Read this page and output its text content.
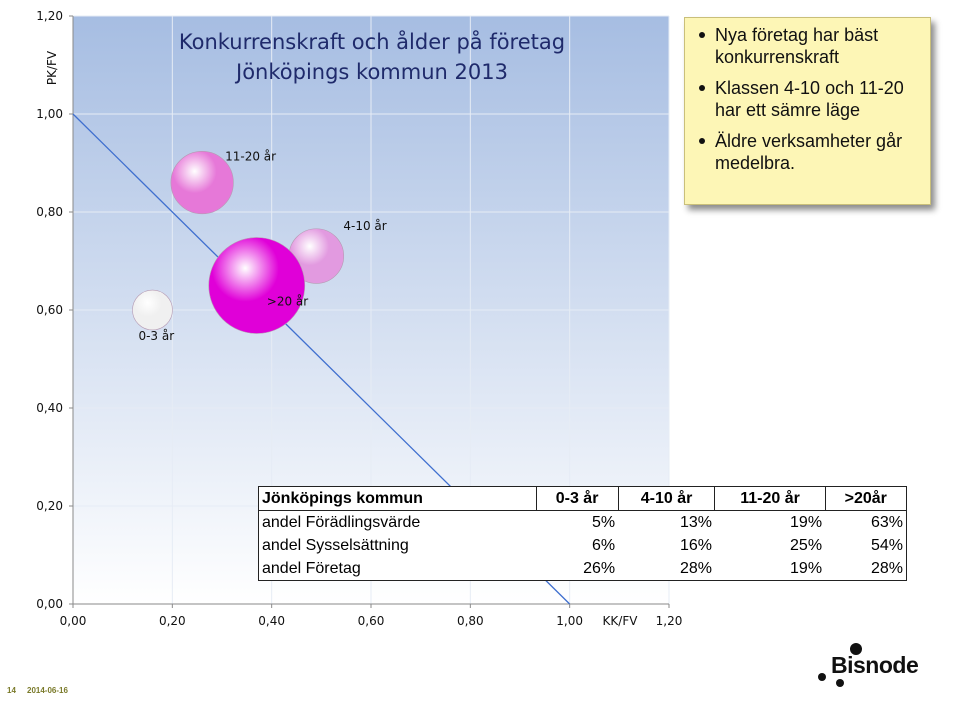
0,00
0,20
0,40
0,60
0,80
1,00
1,20
0,00	0,20	0,40	0,60	0,80	1,00	1,20
0-3 år
11-20 år
4-10 år
>20 år
Konkurrenskraft och ålder på företag
Jönköpings kommun 2013
PK/FV
KK/FV
Nya företag har bäst konkurrenskraft
Klassen 4-10 och 11-20 har ett sämre läge
Äldre verksamheter går medelbra.
Jönköpings kommun	0-3 år	4-10 år	11-20 år	>20år
andel Förädlingsvärde	5%	13%	19%	63%
andel Sysselsättning	6%	16%	25%	54%
andel Företag	26%	28%	19%	28%
14 2014-06-16
Bisnode
